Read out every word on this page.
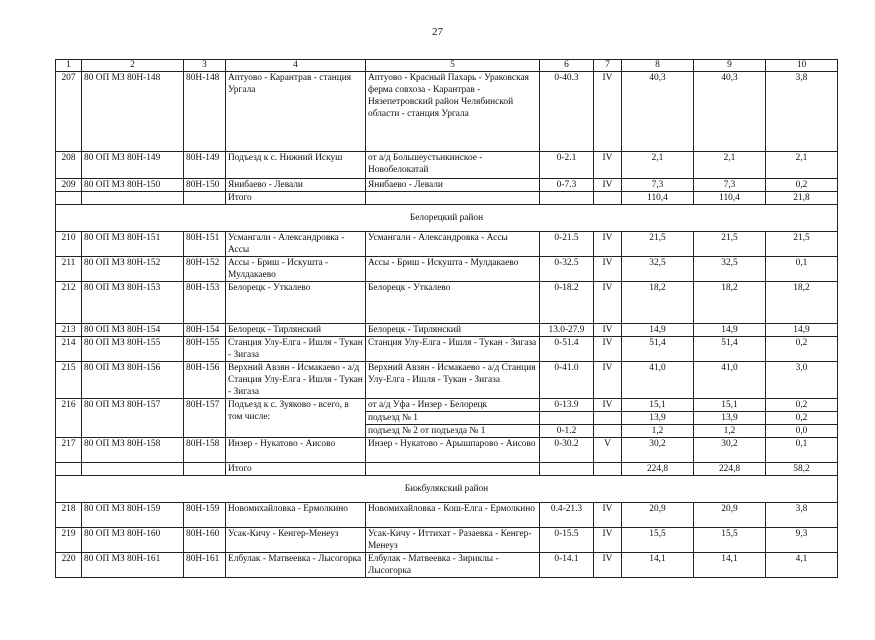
27
1	2	3	4	5	6	7	8	9	10
207	80 ОП МЗ 80Н-148	80Н-148	Аптуово - Карантрав - станция Ургала	Аптуово - Красный Пахарь - Ураковская ферма совхоза - Карантрав - Нязепетровский район Челябинской области - станция Ургала	0-40.3	IV	40,3	40,3	3,8
208	80 ОП МЗ 80Н-149	80Н-149	Подъезд к с. Нижний Искуш	от а/д Большеустьикинское - Новобелокатай	0-2.1	IV	2,1	2,1	2,1
209	80 ОП МЗ 80Н-150	80Н-150	Янибаево - Левали	Янибаево - Левали	0-7.3	IV	7,3	7,3	0,2
			Итого				110,4	110,4	21,8
Белорецкий район									
210	80 ОП МЗ 80Н-151	80Н-151	Усмангали - Александровка - Ассы	Усмангали - Александровка - Ассы	0-21.5	IV	21,5	21,5	21,5
211	80 ОП МЗ 80Н-152	80Н-152	Ассы - Бриш - Искушта - Мулдакаево	Ассы - Бриш - Искушта - Мулдакаево	0-32.5	IV	32,5	32,5	0,1
212	80 ОП МЗ 80Н-153	80Н-153	Белорецк - Уткалево	Белорецк - Уткалево	0-18.2	IV	18,2	18,2	18,2
213	80 ОП МЗ 80Н-154	80Н-154	Белорецк - Тирлянский	Белорецк - Тирлянский	13.0-27.9	IV	14,9	14,9	14,9
214	80 ОП МЗ 80Н-155	80Н-155	Станция Улу-Елга - Ишля - Тукан - Зигаза	Станция Улу-Елга - Ишля - Тукан - Зигаза	0-51.4	IV	51,4	51,4	0,2
215	80 ОП МЗ 80Н-156	80Н-156	Верхний Авзян - Исмакаево - а/д Станция Улу-Елга - Ишля - Тукан - Зигаза	Верхний Авзян - Исмакаево - а/д Станция Улу-Елга - Ишля - Тукан - Зигаза	0-41.0	IV	41,0	41,0	3,0
216	80 ОП МЗ 80Н-157	80Н-157	Подъезд к с. Зуяково - всего, в том числе:	от а/д Уфа - Инзер - Белорецк	0-13.9	IV	15,1	15,1	0,2
				подъезд № 1			13,9	13,9	0,2
				подъезд № 2 от подъезда № 1	0-1.2		1,2	1,2	0,0
217	80 ОП МЗ 80Н-158	80Н-158	Инзер - Нукатово - Аисово	Инзер - Нукатово - Арышпарово - Аисово	0-30.2	V	30,2	30,2	0,1
			Итого				224,8	224,8	58,2
Бижбулякский район									
218	80 ОП МЗ 80Н-159	80Н-159	Новомихайловка - Ермолкино	Новомихайловка - Кош-Елга - Ермолкино	0.4-21.3	IV	20,9	20,9	3,8
219	80 ОП МЗ 80Н-160	80Н-160	Усак-Кичу - Кенгер-Менеуз	Усак-Кичу - Иттихат - Разаевка - Кенгер-Менеуз	0-15.5	IV	15,5	15,5	9,3
220	80 ОП МЗ 80Н-161	80Н-161	Елбулак - Матвеевка - Лысогорка	Елбулак - Матвеевка - Зириклы - Лысогорка	0-14.1	IV	14,1	14,1	4,1
